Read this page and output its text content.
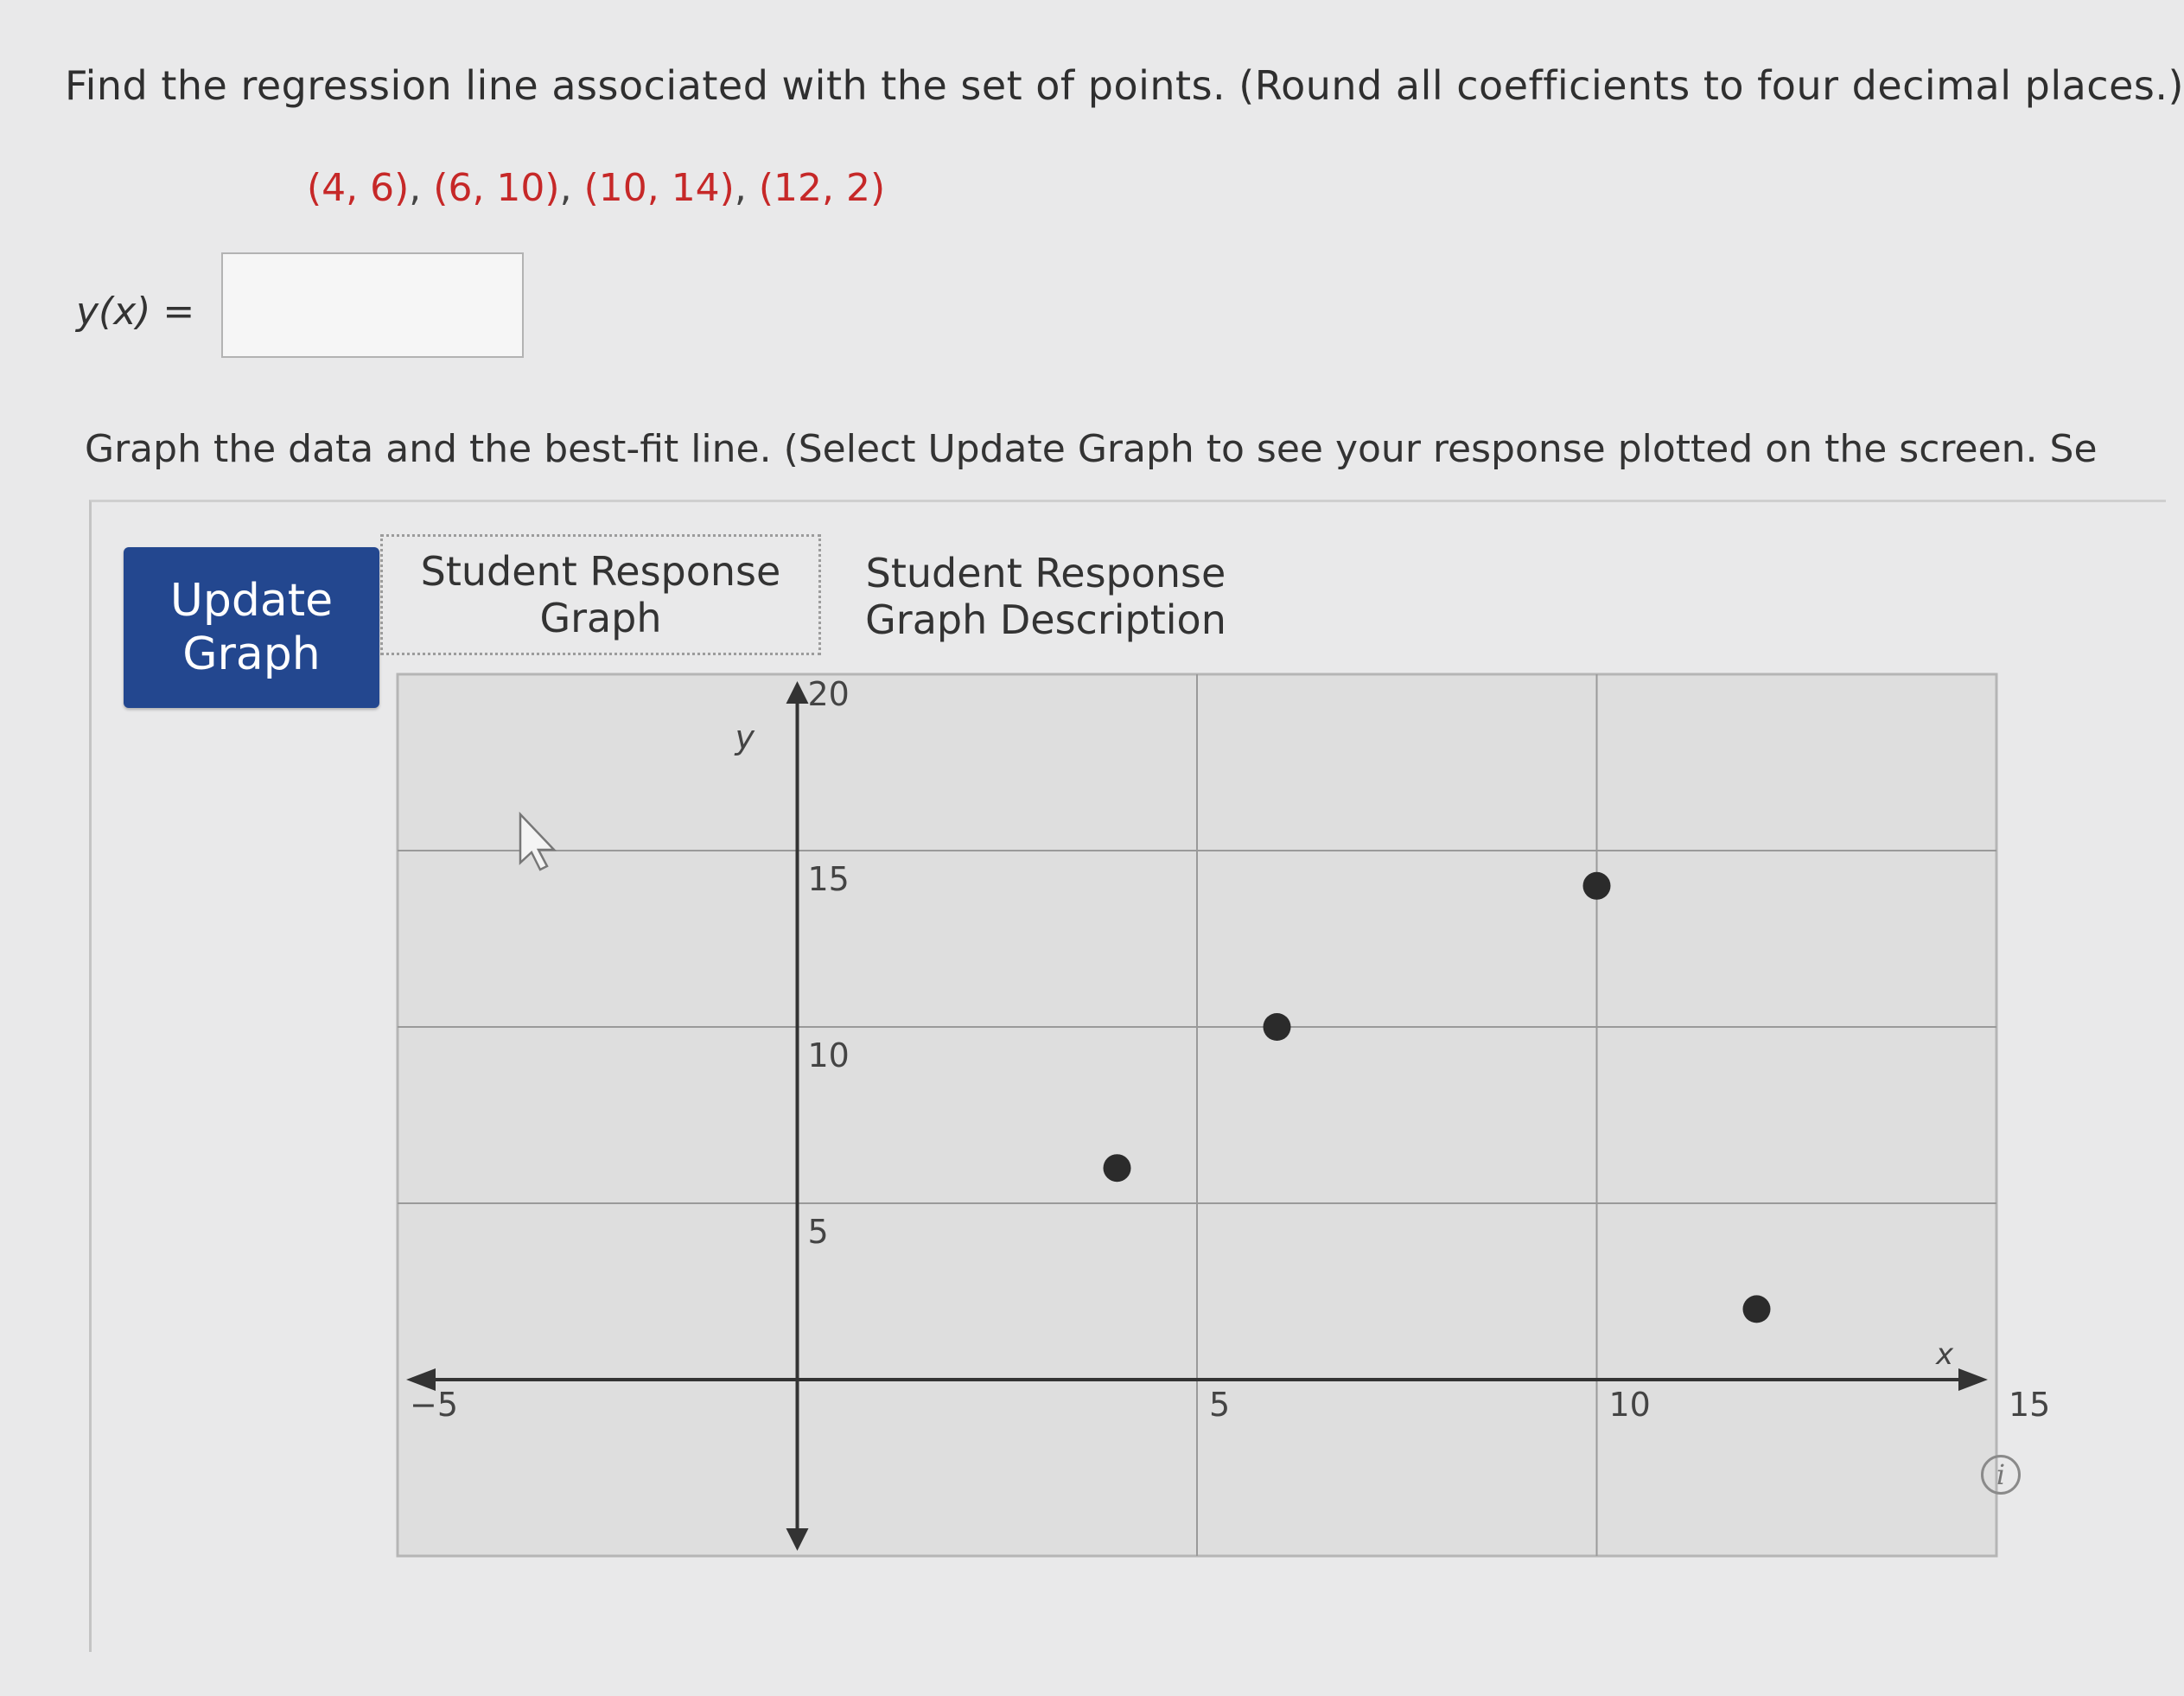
Find the regression line associated with the set of points. (Round all coefficients to four decimal places.)
(4, 6), (6, 10), (10, 14), (12, 2)
y(x) =
Graph the data and the best-fit line. (Select Update Graph to see your response plotted on the screen. Se
Update
Graph
Student Response
Graph
Student Response
Graph Description
x
y
−5	5	10	15
5
10
15
20
i
